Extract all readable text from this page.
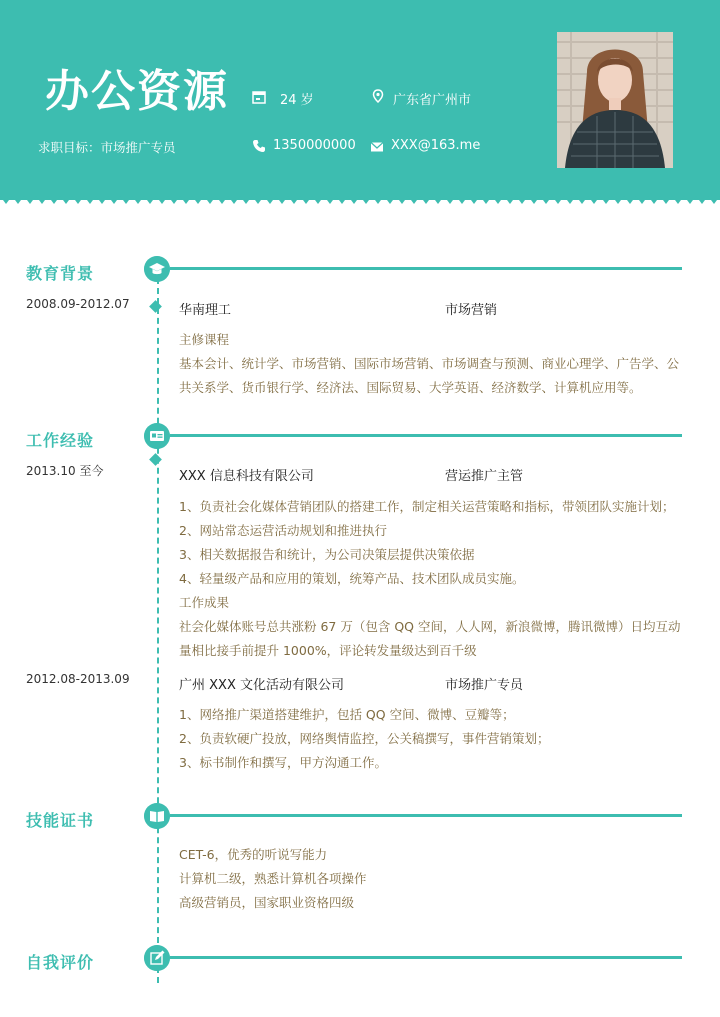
办公资源	24 岁	广东省广州市
求职目标：市场推广专员	1350000000	XXX@163.me
教育背景
2008.09-2012.07	华南理工	市场营销
主修课程
基本会计、统计学、市场营销、国际市场营销、市场调查与预测、商业心理学、广告学、公
共关系学、货币银行学、经济法、国际贸易、大学英语、经济数学、计算机应用等。
工作经验
2013.10 至今	XXX 信息科技有限公司	营运推广主管
1、负责社会化媒体营销团队的搭建工作，制定相关运营策略和指标，带领团队实施计划；
2、网站常态运营活动规划和推进执行
3、相关数据报告和统计，为公司决策层提供决策依据
4、轻量级产品和应用的策划，统筹产品、技术团队成员实施。
工作成果
社会化媒体账号总共涨粉 67 万（包含 QQ 空间，人人网，新浪微博，腾讯微博）日均互动
量相比接手前提升 1000%，评论转发量级达到百千级
2012.08-2013.09	广州 XXX 文化活动有限公司	市场推广专员
1、网络推广渠道搭建维护，包括 QQ 空间、微博、豆瓣等；
2、负责软硬广投放，网络舆情监控，公关稿撰写，事件营销策划；
3、标书制作和撰写，甲方沟通工作。
技能证书
CET-6，优秀的听说写能力
计算机二级，熟悉计算机各项操作
高级营销员，国家职业资格四级
自我评价
